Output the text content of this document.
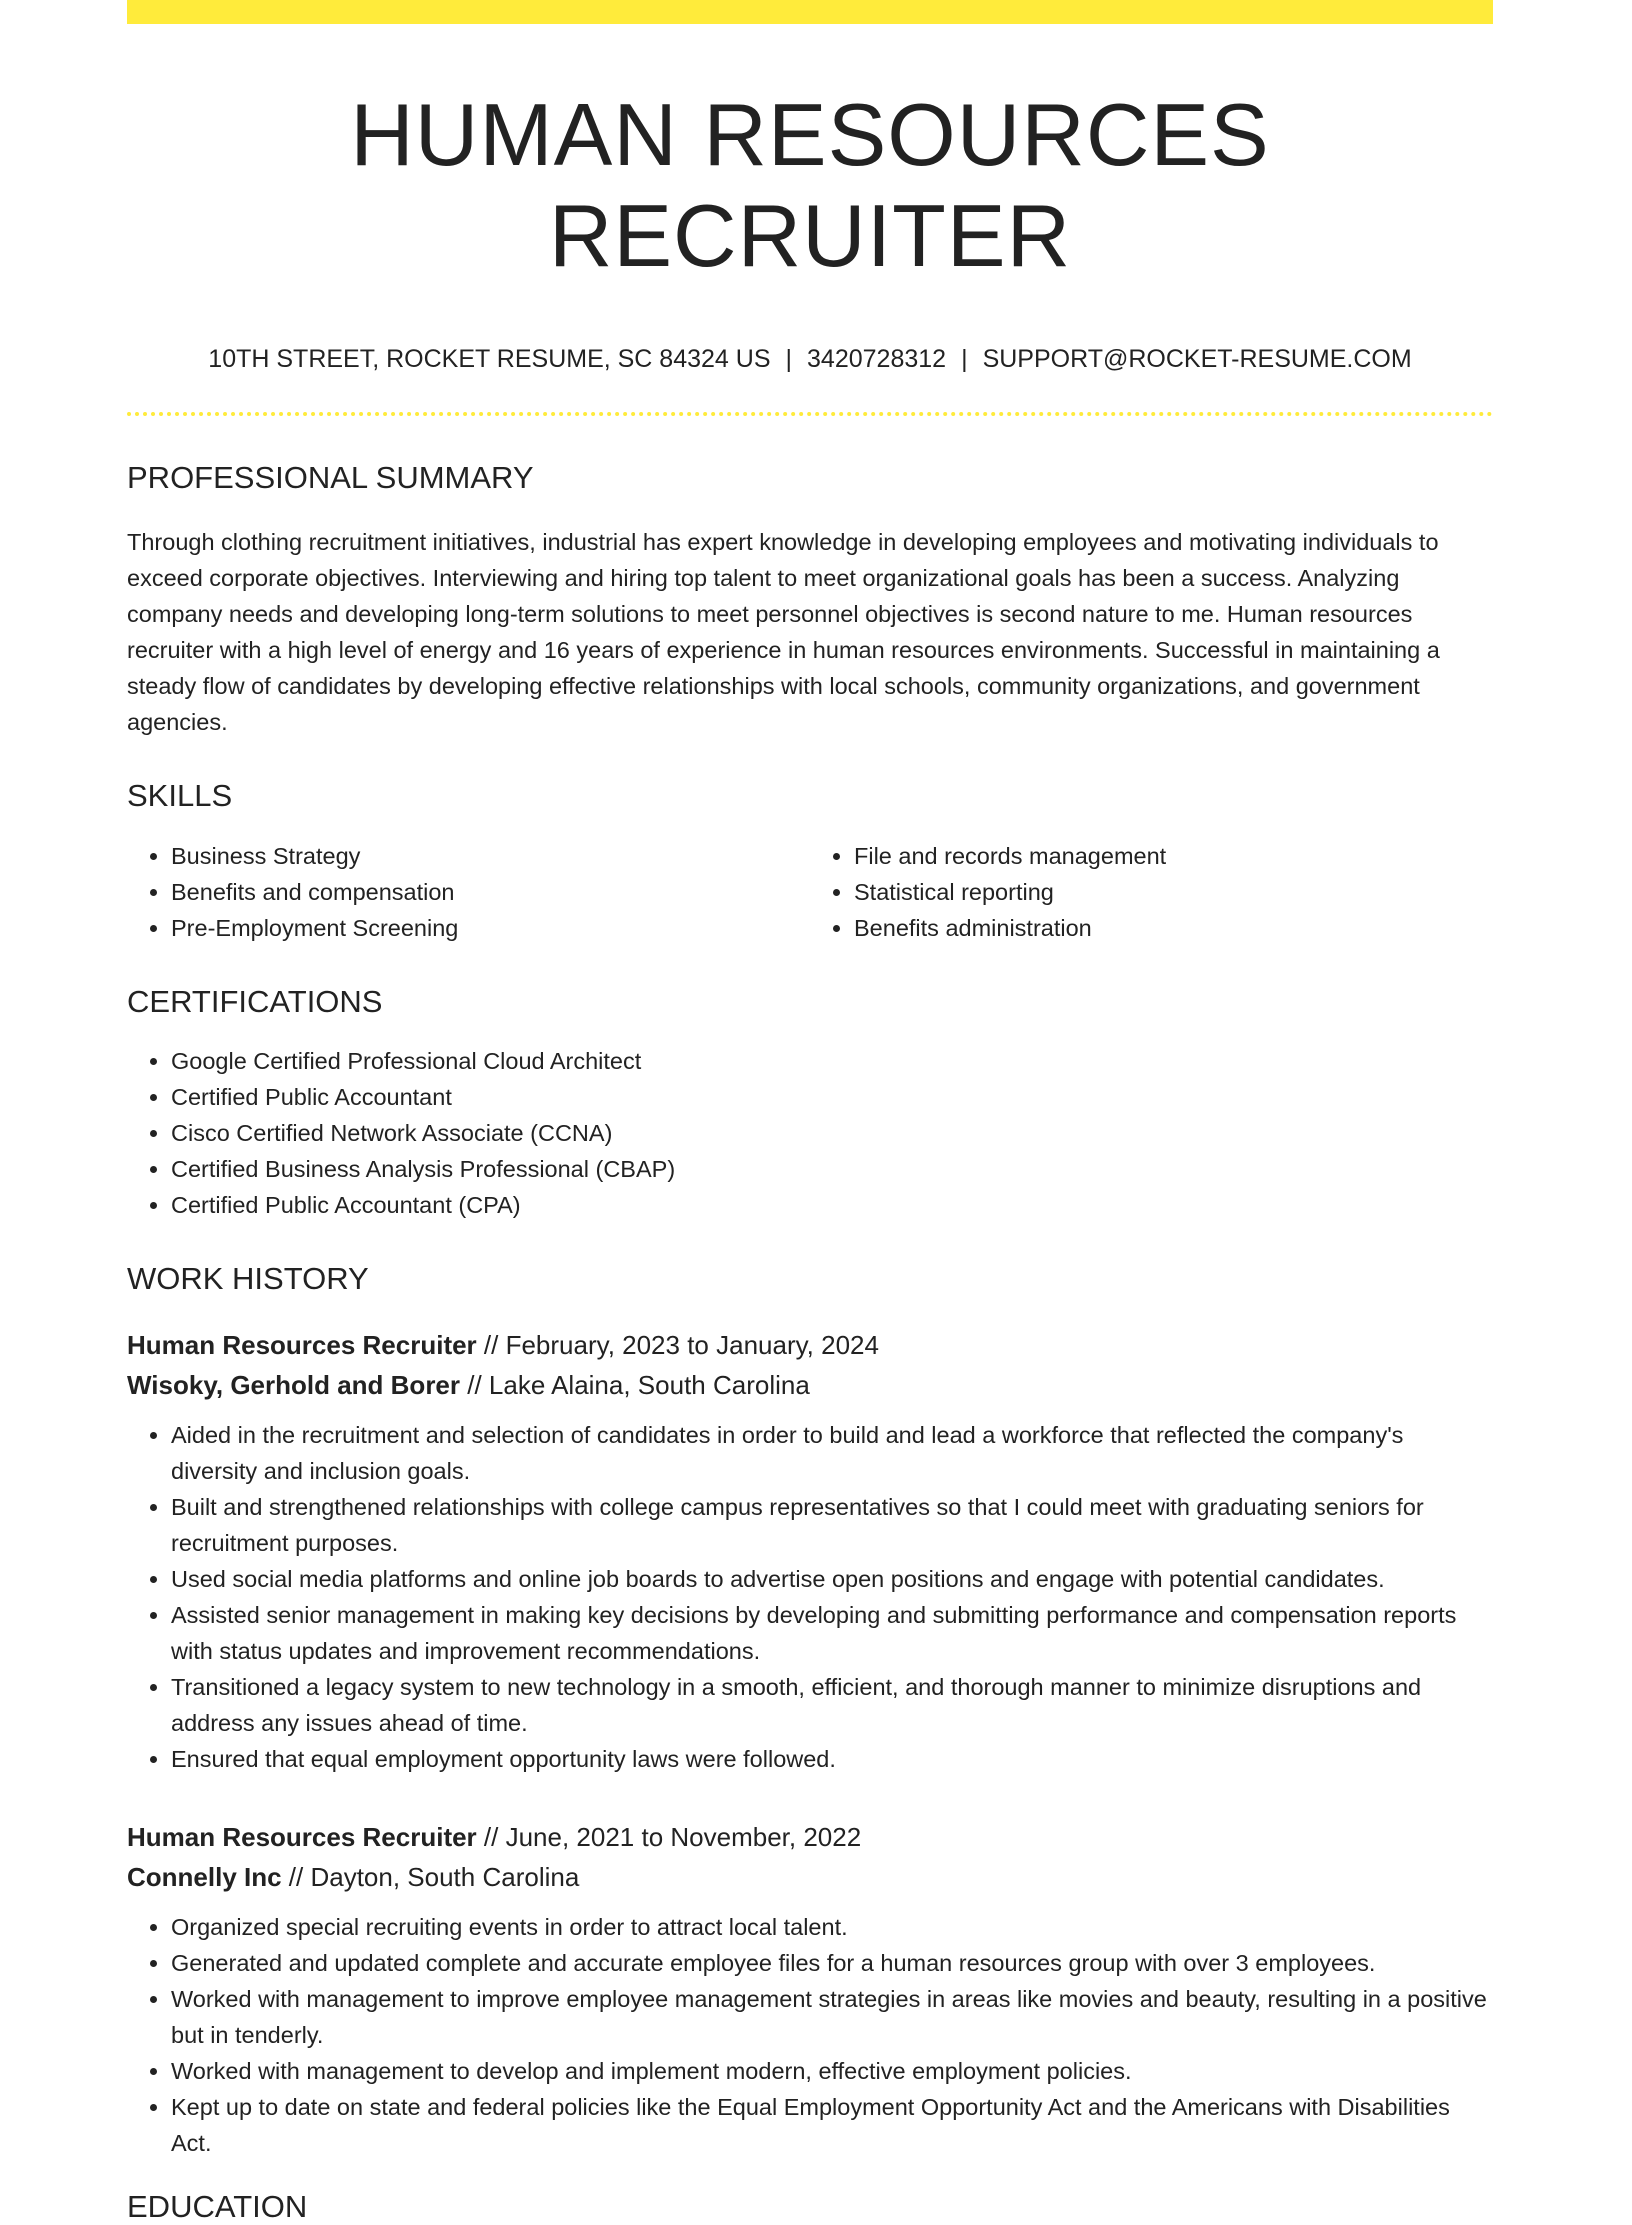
HUMAN RESOURCES RECRUITER
10TH STREET, ROCKET RESUME, SC 84324 US | 3420728312 | SUPPORT@ROCKET-RESUME.COM
PROFESSIONAL SUMMARY

Through clothing recruitment initiatives, industrial has expert knowledge in developing employees and motivating individuals to exceed corporate objectives. Interviewing and hiring top talent to meet organizational goals has been a success. Analyzing company needs and developing long-term solutions to meet personnel objectives is second nature to me. Human resources recruiter with a high level of energy and 16 years of experience in human resources environments. Successful in maintaining a steady flow of candidates by developing effective relationships with local schools, community organizations, and government agencies.

SKILLS
• Business Strategy
• Benefits and compensation
• Pre-Employment Screening
• File and records management
• Statistical reporting
• Benefits administration
CERTIFICATIONS
• Google Certified Professional Cloud Architect
• Certified Public Accountant
• Cisco Certified Network Associate (CCNA)
• Certified Business Analysis Professional (CBAP)
• Certified Public Accountant (CPA)
WORK HISTORY
Human Resources Recruiter // February, 2023 to January, 2024
Wisoky, Gerhold and Borer // Lake Alaina, South Carolina
• Aided in the recruitment and selection of candidates in order to build and lead a workforce that reflected the company's diversity and inclusion goals.
• Built and strengthened relationships with college campus representatives so that I could meet with graduating seniors for recruitment purposes.
• Used social media platforms and online job boards to advertise open positions and engage with potential candidates.
• Assisted senior management in making key decisions by developing and submitting performance and compensation reports with status updates and improvement recommendations.
• Transitioned a legacy system to new technology in a smooth, efficient, and thorough manner to minimize disruptions and address any issues ahead of time.
• Ensured that equal employment opportunity laws were followed.
Human Resources Recruiter // June, 2021 to November, 2022
Connelly Inc // Dayton, South Carolina
• Organized special recruiting events in order to attract local talent.
• Generated and updated complete and accurate employee files for a human resources group with over 3 employees.
• Worked with management to improve employee management strategies in areas like movies and beauty, resulting in a positive but in tenderly.
• Worked with management to develop and implement modern, effective employment policies.
• Kept up to date on state and federal policies like the Equal Employment Opportunity Act and the Americans with Disabilities Act.
EDUCATION
